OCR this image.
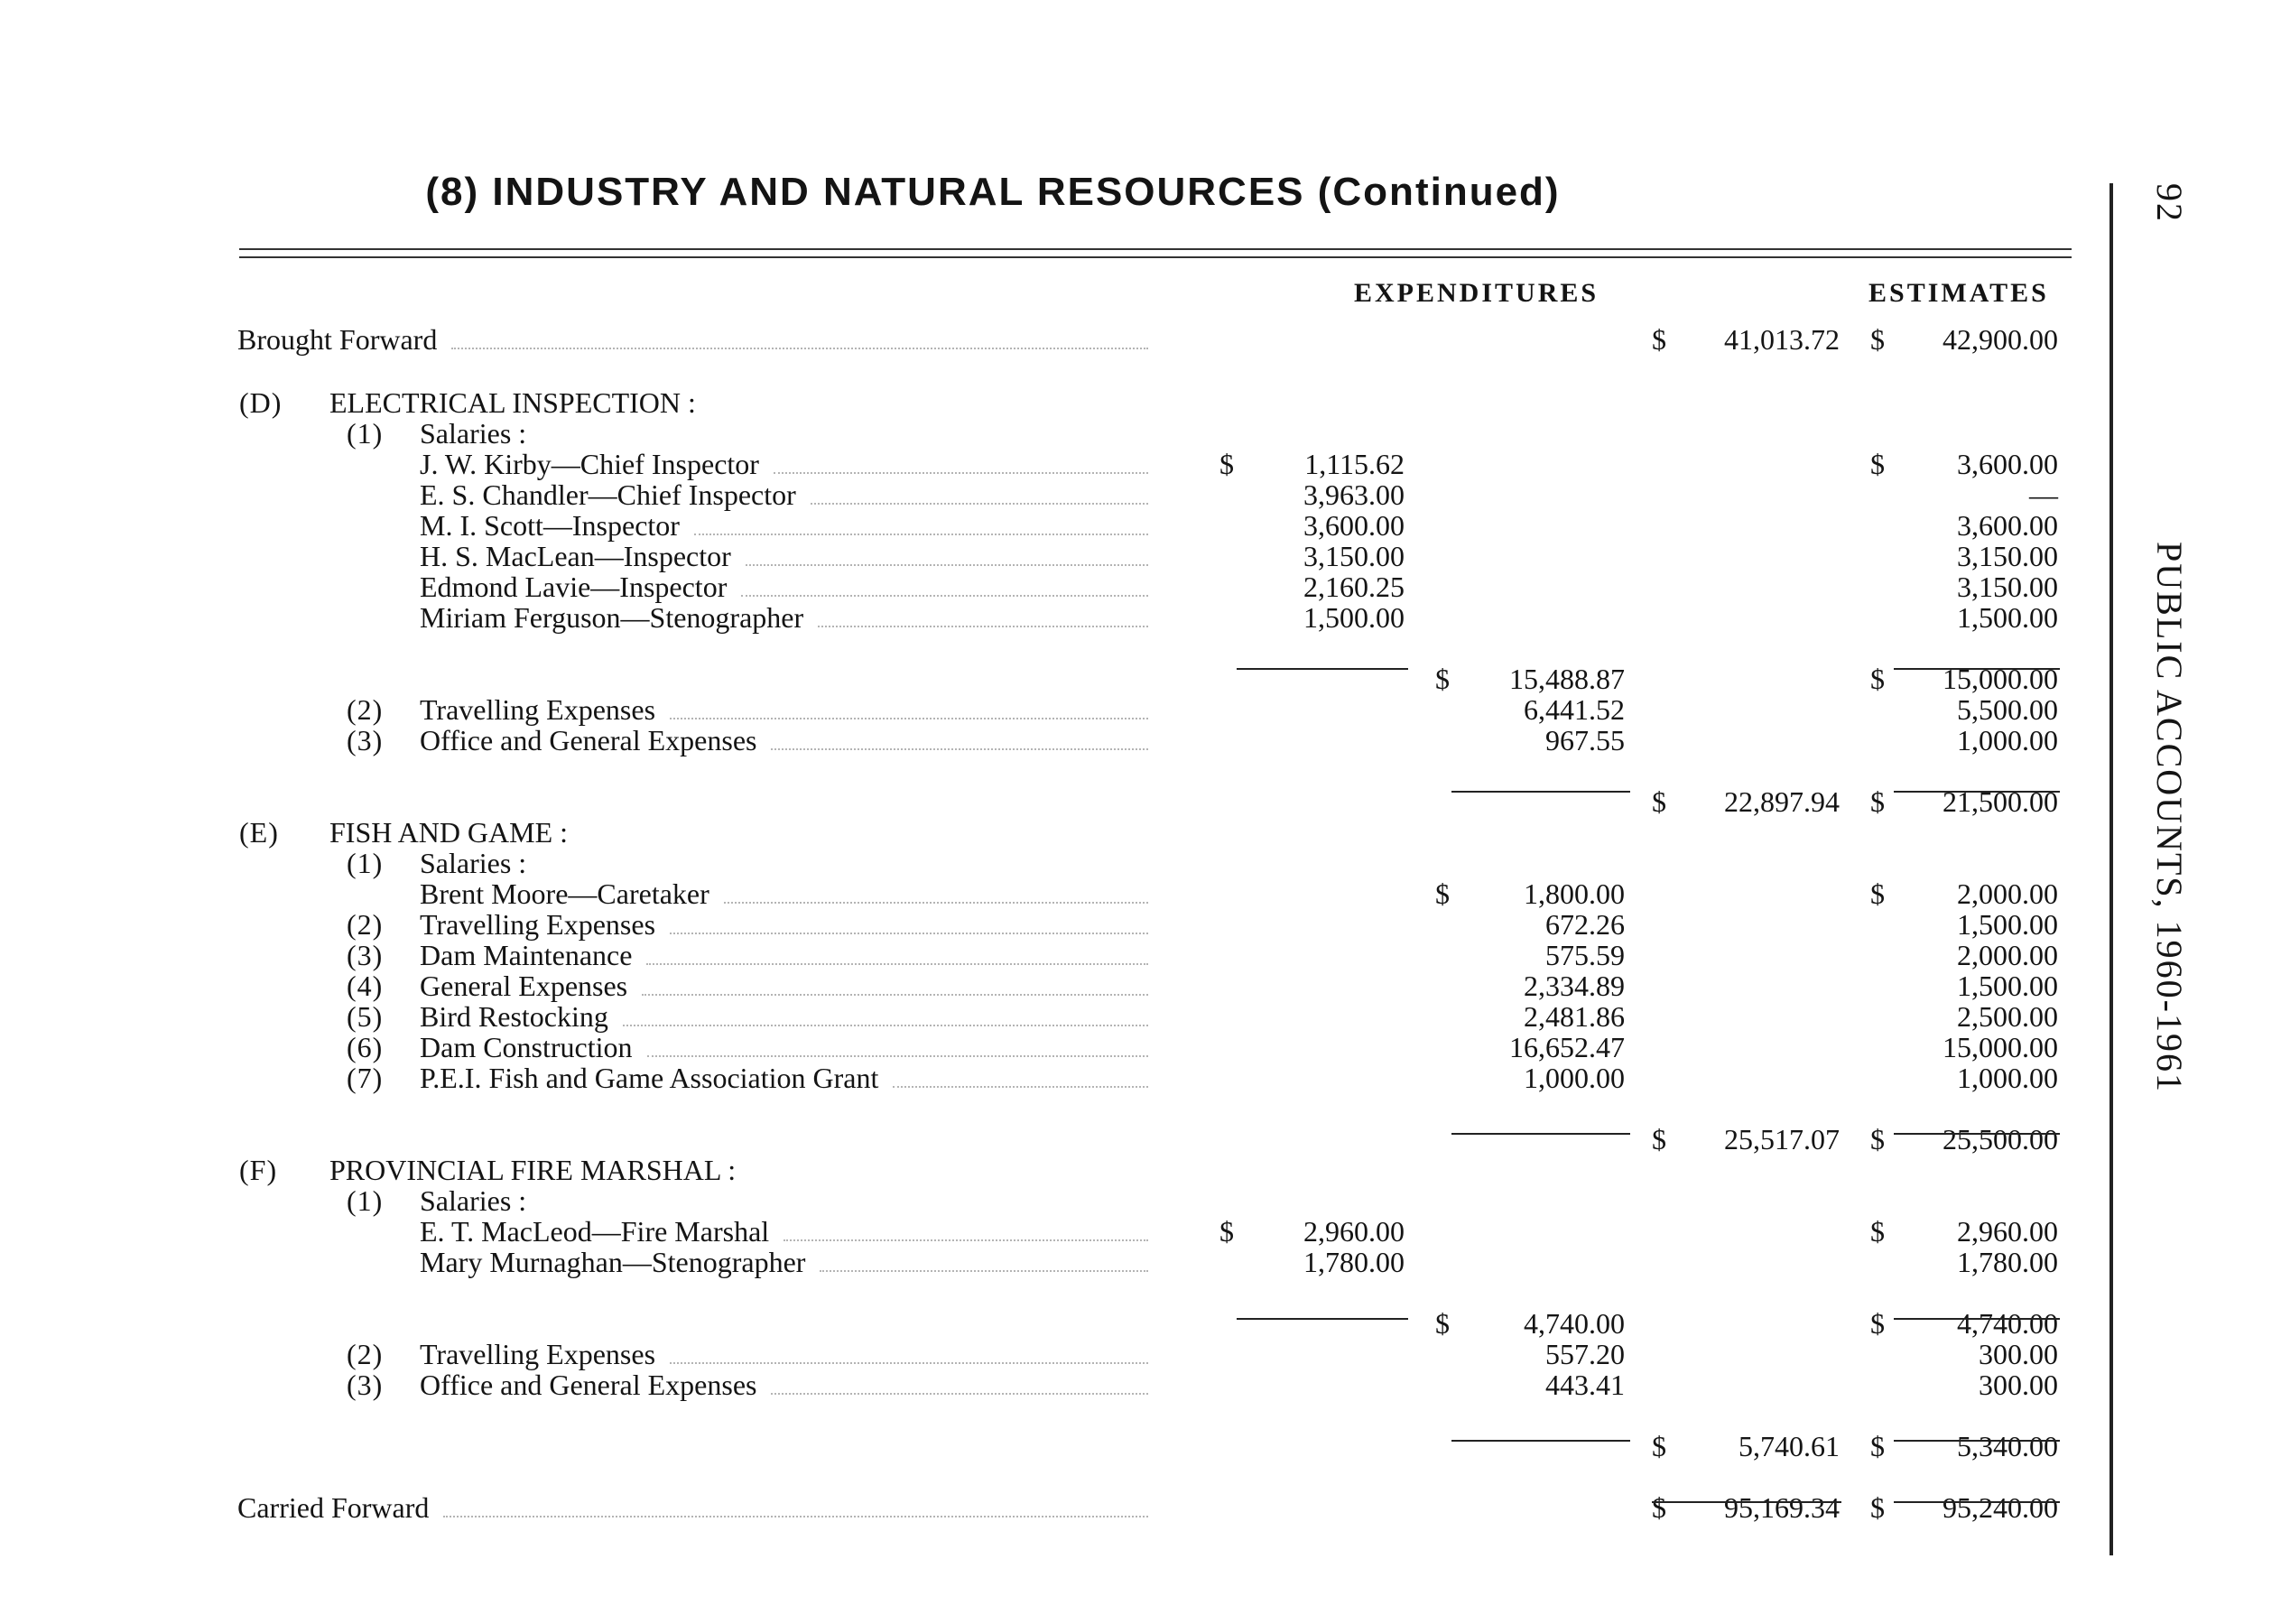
(8) INDUSTRY AND NATURAL RESOURCES (Continued)	92
PUBLIC ACCOUNTS, 1960-1961
EXPENDITURES	ESTIMATES
Brought Forward	$ 41,013.72 $ 42,900.00
(D) ELECTRICAL INSPECTION :
(1) Salaries :
J. W. Kirby—Chief Inspector	$ 1,115.62	$	3,600.00
E. S. Chandler—Chief Inspector	3,963.00	—
M. I. Scott—Inspector	3,600.00	3,600.00
H. S. MacLean—Inspector	3,150.00	3,150.00
Edmond Lavie—Inspector	2,160.25	3,150.00
Miriam Ferguson—Stenographer	1,500.00	1,500.00
$ 15,488.87	$ 15,000.00
(2) Travelling Expenses	6,441.52	5,500.00
(3) Office and General Expenses	967.55	1,000.00
$ 22,897.94 $ 21,500.00
(E) FISH AND GAME :
(1) Salaries :
Brent Moore—Caretaker	$	1,800.00	$	2,000.00
(2) Travelling Expenses	672.26	1,500.00
(3) Dam Maintenance	575.59	2,000.00
(4) General Expenses	2,334.89	1,500.00
(5) Bird Restocking	2,481.86	2,500.00
(6) Dam Construction	16,652.47	15,000.00
(7) P.E.I. Fish and Game Association Grant	1,000.00	1,000.00
$ 25,517.07 $ 25,500.00
(F) PROVINCIAL FIRE MARSHAL :
(1) Salaries :
E. T. MacLeod—Fire Marshal	$ 2,960.00	$	2,960.00
Mary Murnaghan—Stenographer	1,780.00	1,780.00
$	4,740.00	$	4,740.00
(2) Travelling Expenses	557.20	300.00
(3) Office and General Expenses	443.41	300.00
$	5,740.61 $	5,340.00
Carried Forward	$ 95,169.34 $ 95,240.00
